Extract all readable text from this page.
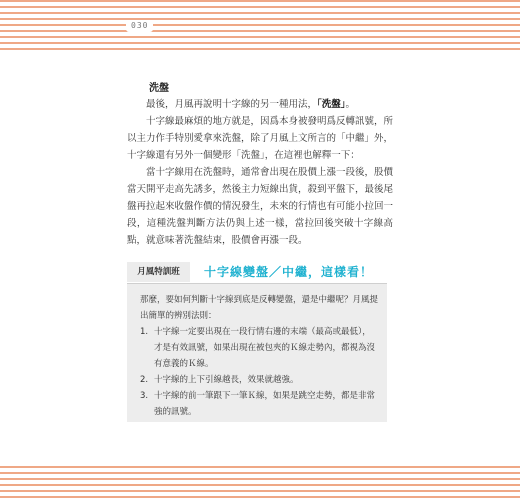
030
洗盤

最後，月風再說明十字線的另一種用法，「洗盤」。

十字線最麻煩的地方就是，因爲本身被發明爲反轉訊號，所以主力作手特別愛拿來洗盤，除了月風上文所言的「中繼」外，十字線還有另外一個變形「洗盤」，在這裡也解釋一下：

當十字線用在洗盤時，通常會出現在股價上漲一段後，股價當天開平走高先誘多，然後主力短線出貨，殺到平盤下，最後尾盤再拉起來收盤作價的情況發生，未來的行情也有可能小拉回一段，這種洗盤判斷方法仍與上述一樣，當拉回後突破十字線高點，就意味著洗盤結束，股價會再漲一段。

月風特訓班	十字線變盤／中繼，這樣看！
那麼，要如何判斷十字線到底是反轉變盤，還是中繼呢？月風提出簡單的辨別法則：
1. 十字線一定要出現在一段行情右邊的末端（最高或最低），才是有效訊號，如果出現在被包夾的Ｋ線走勢內，都視為沒有意義的Ｋ線。
2. 十字線的上下引線越長，效果就越強。
3. 十字線的前一筆跟下一筆Ｋ線，如果是跳空走勢，都是非常強的訊號。
